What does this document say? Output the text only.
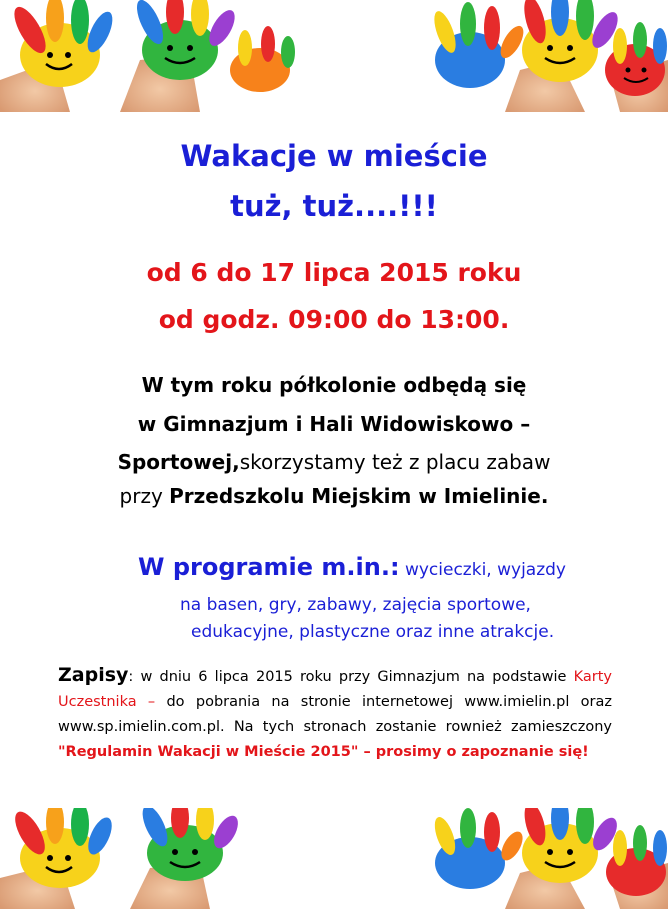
Wakacje w mieście
tuż, tuż....!!!
od 6 do 17 lipca 2015 roku
od godz. 09:00 do 13:00.
W tym roku półkolonie odbędą się
w Gimnazjum i Hali Widowiskowo –
Sportowej,skorzystamy też z placu zabaw
przy Przedszkolu Miejskim w Imielinie.
W programie m.in.: wycieczki, wyjazdy
na basen, gry, zabawy, zajęcia sportowe,
edukacyjne, plastyczne oraz inne atrakcje.
Zapisy: w dniu 6 lipca 2015 roku przy Gimnazjum na podstawie Karty Uczestnika – do pobrania na stronie internetowej www.imielin.pl oraz www.sp.imielin.com.pl. Na tych stronach zostanie rownież zamieszczony "Regulamin Wakacji w Mieście 2015" – prosimy o zapoznanie się!
